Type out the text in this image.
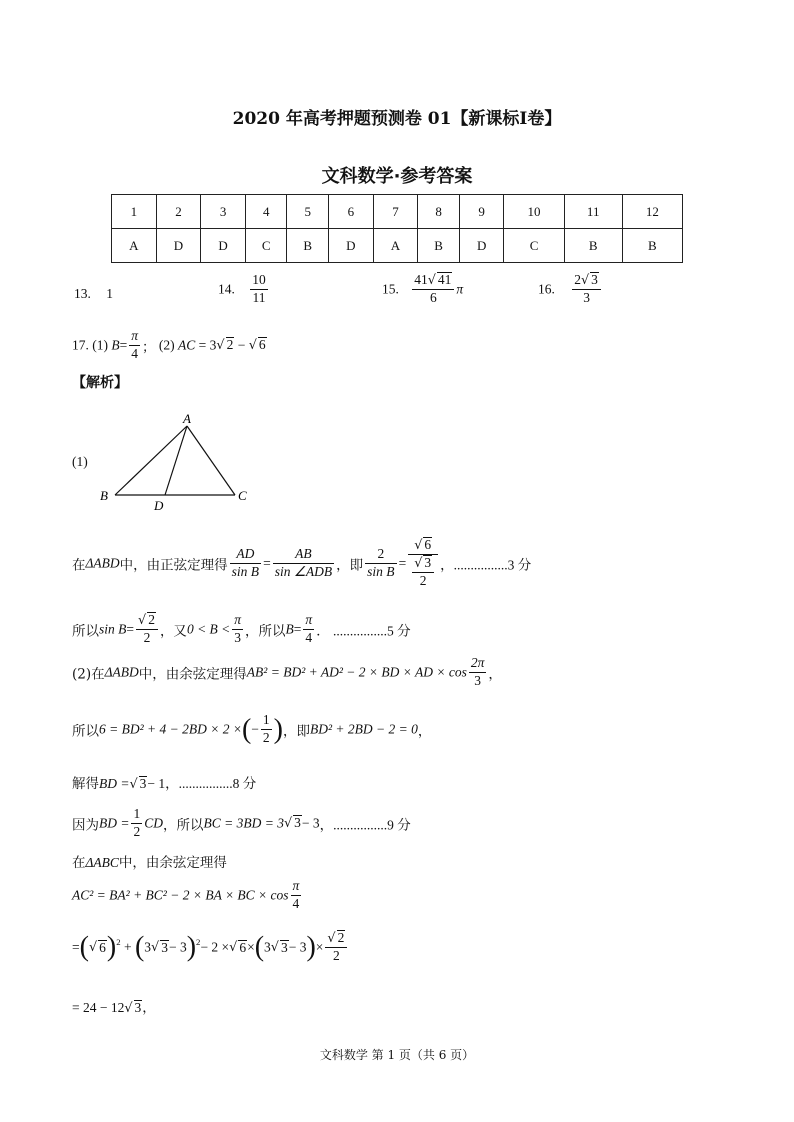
2020 年高考押题预测卷 01【新课标Ⅰ卷】
文科数学·参考答案
1	2	3	4	5	6	7	8	9	10	11	12
A	D	D	C	B	D	A	B	D	C	B	B
13. 1	14. $\frac{10}{11}$	15. $\frac{41√ 41}{6}$ π	16. $\frac{2√ 3}{3}$
17. (1) $B= \frac{\pi}{4}$ ； (2) AC = 3√ 2 − √ 6
【解析】
(1)
A
B	C
D
在ΔABD中，由正弦定理得 $\frac{AD}{\text{sin B}} = \frac{AB}{\text{sin ∠ADB}}$ ，即 $\frac{2}{\text{sin B}} = \frac{√ 6}{\frac{√ 3}{2}}$ ，................3 分
所以$\sin B= \frac{√ 2}{2}$ ，又$0 < B < \frac{\pi}{3}$ ，所以$B= \frac{\pi}{4}$ ． ................5 分
(2)在ΔABD中，由余弦定理得AB² = BD² + AD² − 2 × BD × AD × $\cos \frac{2\pi}{3}$ ，
所以6 = BD² + 4 − 2BD × 2 ×(− $\frac{1}{2}$ )，即BD² + 2BD − 2 = 0，
解得BD =√ 3− 1，................8 分
因为BD = $\frac{1}{2}$ CD，所以BC = 3BD = 3√ 3− 3，................9 分
在ΔABC中，由余弦定理得
AC² = BA² + BC² − 2 × BA × BC × $\cos \frac{\pi}{4}$
=(√ 6)$^2$ + (3√ 3− 3)$^2$− 2 ×√ 6×(3√ $3- 3)\times \frac{√ 2}{2}$
= 24 − 12√ 3，
文科数学 第 1 页（共 6 页）
